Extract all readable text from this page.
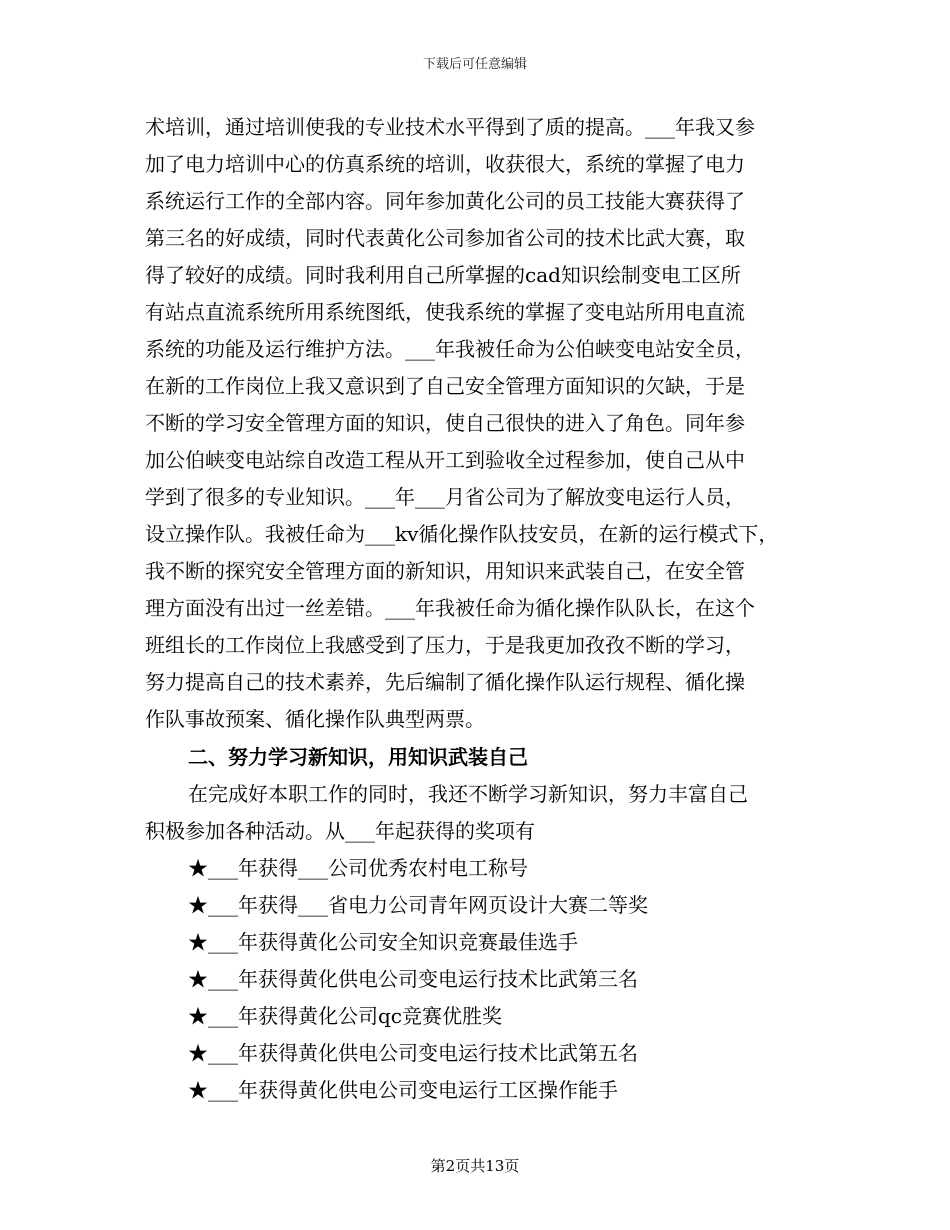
下载后可任意编辑

术培训，通过培训使我的专业技术水平得到了质的提高。___年我又参

加了电力培训中心的仿真系统的培训，收获很大，系统的掌握了电力

系统运行工作的全部内容。同年参加黄化公司的员工技能大赛获得了

第三名的好成绩，同时代表黄化公司参加省公司的技术比武大赛，取

得了较好的成绩。同时我利用自己所掌握的cad知识绘制变电工区所

有站点直流系统所用系统图纸，使我系统的掌握了变电站所用电直流

系统的功能及运行维护方法。___年我被任命为公伯峡变电站安全员，

在新的工作岗位上我又意识到了自己安全管理方面知识的欠缺，于是

不断的学习安全管理方面的知识，使自己很快的进入了角色。同年参

加公伯峡变电站综自改造工程从开工到验收全过程参加，使自己从中

学到了很多的专业知识。___年___月省公司为了解放变电运行人员，

设立操作队。我被任命为___kv循化操作队技安员，在新的运行模式下，

我不断的探究安全管理方面的新知识，用知识来武装自己，在安全管

理方面没有出过一丝差错。___年我被任命为循化操作队队长，在这个

班组长的工作岗位上我感受到了压力，于是我更加孜孜不断的学习，

努力提高自己的技术素养，先后编制了循化操作队运行规程、循化操

作队事故预案、循化操作队典型两票。

二、努力学习新知识，用知识武装自己

在完成好本职工作的同时，我还不断学习新知识，努力丰富自己

积极参加各种活动。从___年起获得的奖项有

★___年获得___公司优秀农村电工称号

★___年获得___省电力公司青年网页设计大赛二等奖

★___年获得黄化公司安全知识竞赛最佳选手

★___年获得黄化供电公司变电运行技术比武第三名

★___年获得黄化公司qc竞赛优胜奖

★___年获得黄化供电公司变电运行技术比武第五名

★___年获得黄化供电公司变电运行工区操作能手

第2页共13页
